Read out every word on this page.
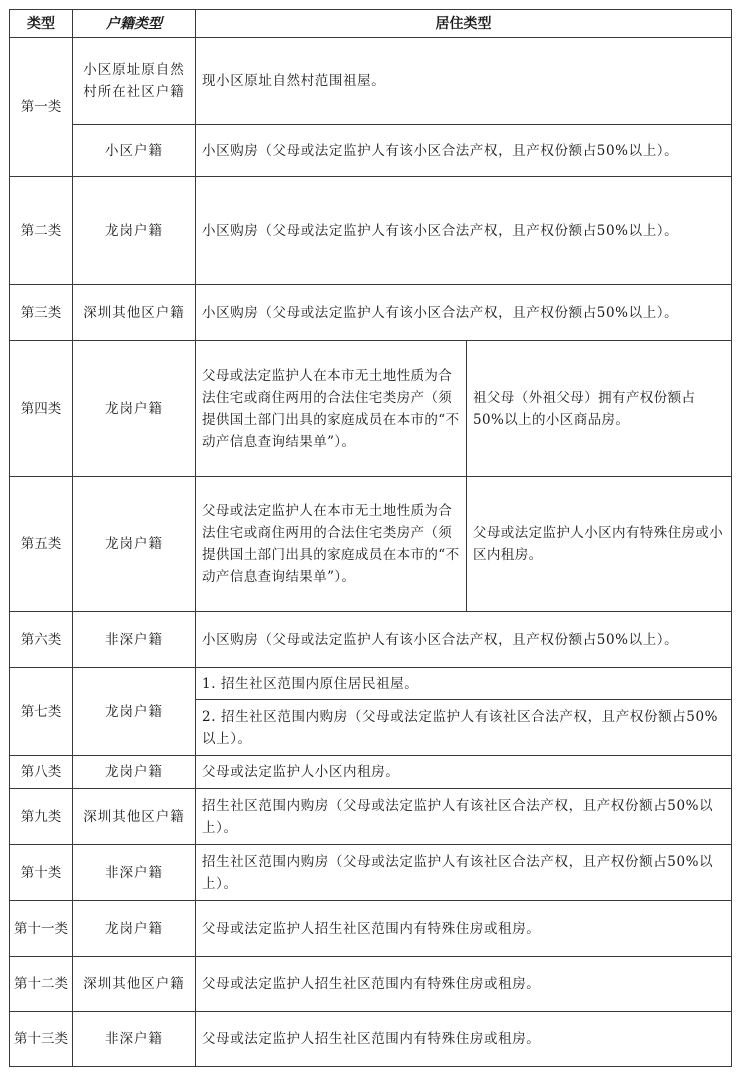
类型	户籍类型	居住类型	
第一类	小区原址原自然村所在社区户籍	现小区原址自然村范围祖屋。	
	小区户籍	小区购房（父母或法定监护人有该小区合法产权，且产权份额占50%以上）。	
第二类	龙岗户籍	小区购房（父母或法定监护人有该小区合法产权，且产权份额占50%以上）。	
第三类	深圳其他区户籍	小区购房（父母或法定监护人有该小区合法产权，且产权份额占50%以上）。	
第四类	龙岗户籍	父母或法定监护人在本市无土地性质为合法住宅或商住两用的合法住宅类房产（须提供国土部门出具的家庭成员在本市的“不动产信息查询结果单”）。	祖父母（外祖父母）拥有产权份额占50%以上的小区商品房。
第五类	龙岗户籍	父母或法定监护人在本市无土地性质为合法住宅或商住两用的合法住宅类房产（须提供国土部门出具的家庭成员在本市的“不动产信息查询结果单”）。	父母或法定监护人小区内有特殊住房或小区内租房。
第六类	非深户籍	小区购房（父母或法定监护人有该小区合法产权，且产权份额占50%以上）。	
第七类	龙岗户籍	1. 招生社区范围内原住居民祖屋。	
		2. 招生社区范围内购房（父母或法定监护人有该社区合法产权，且产权份额占50%以上）。	
第八类	龙岗户籍	父母或法定监护人小区内租房。	
第九类	深圳其他区户籍	招生社区范围内购房（父母或法定监护人有该社区合法产权，且产权份额占50%以上）。	
第十类	非深户籍	招生社区范围内购房（父母或法定监护人有该社区合法产权，且产权份额占50%以上）。	
第十一类	龙岗户籍	父母或法定监护人招生社区范围内有特殊住房或租房。	
第十二类	深圳其他区户籍	父母或法定监护人招生社区范围内有特殊住房或租房。	
第十三类	非深户籍	父母或法定监护人招生社区范围内有特殊住房或租房。	
